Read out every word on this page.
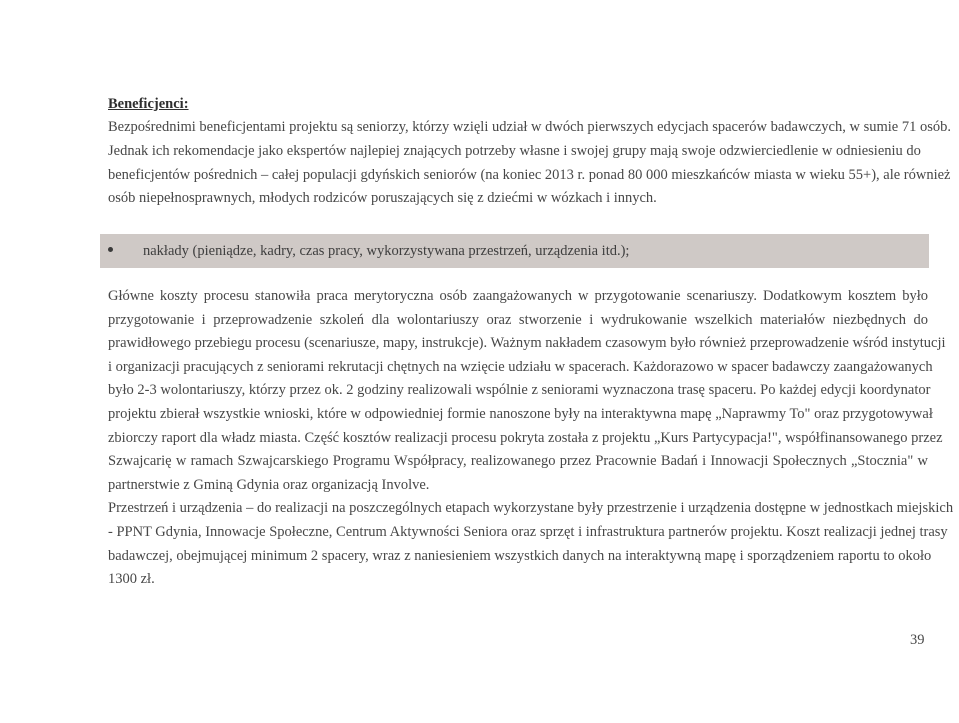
Beneficjenci:
Bezpośrednimi beneficjentami projektu są seniorzy, którzy wzięli udział w dwóch pierwszych edycjach spacerów badawczych, w sumie 71 osób.
Jednak ich rekomendacje jako ekspertów najlepiej znających potrzeby własne i swojej grupy mają swoje odzwierciedlenie w odniesieniu do
beneficjentów pośrednich – całej populacji gdyńskich seniorów (na koniec 2013 r. ponad 80 000 mieszkańców miasta w wieku 55+), ale również
osób niepełnosprawnych, młodych rodziców poruszających się z dziećmi w wózkach i innych.
nakłady (pieniądze, kadry, czas pracy, wykorzystywana przestrzeń, urządzenia itd.);
Główne koszty procesu stanowiła praca merytoryczna osób zaangażowanych w przygotowanie scenariuszy. Dodatkowym kosztem było
przygotowanie i przeprowadzenie szkoleń dla wolontariuszy oraz stworzenie i wydrukowanie wszelkich materiałów niezbędnych do
prawidłowego przebiegu procesu (scenariusze, mapy, instrukcje). Ważnym nakładem czasowym było również przeprowadzenie wśród instytucji
i organizacji pracujących z seniorami rekrutacji chętnych na wzięcie udziału w spacerach. Każdorazowo w spacer badawczy zaangażowanych
było 2-3 wolontariuszy, którzy przez ok. 2 godziny realizowali wspólnie z seniorami wyznaczona trasę spaceru. Po każdej edycji koordynator
projektu zbierał wszystkie wnioski, które w odpowiedniej formie nanoszone były na interaktywna mapę „Naprawmy To" oraz przygotowywał
zbiorczy raport dla władz miasta. Część kosztów realizacji procesu pokryta została z projektu „Kurs Partycypacja!", współfinansowanego przez
Szwajcarię w ramach Szwajcarskiego Programu Współpracy, realizowanego przez Pracownie Badań i Innowacji Społecznych „Stocznia" w
partnerstwie z Gminą Gdynia oraz organizacją Involve.
Przestrzeń i urządzenia – do realizacji na poszczególnych etapach wykorzystane były przestrzenie i urządzenia dostępne w jednostkach miejskich
- PPNT Gdynia, Innowacje Społeczne, Centrum Aktywności Seniora oraz sprzęt i infrastruktura partnerów projektu. Koszt realizacji jednej trasy
badawczej, obejmującej minimum 2 spacery, wraz z naniesieniem wszystkich danych na interaktywną mapę i sporządzeniem raportu to około
1300 zł.
39
